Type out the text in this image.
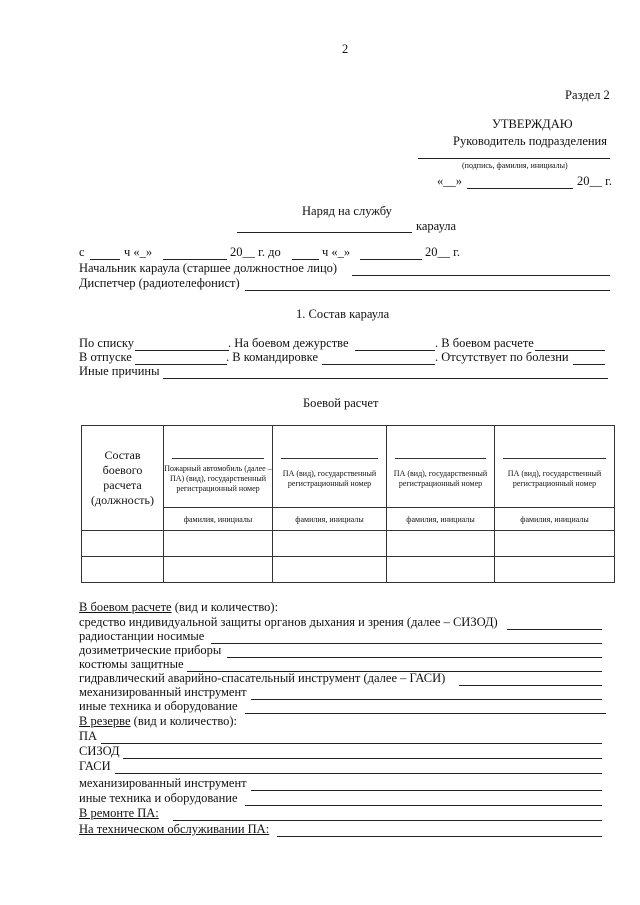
2
Раздел 2
УТВЕРЖДАЮ
Руководитель подразделения
(подпись, фамилия, инициалы)
«__»	20__ г.
Наряд на службу
караула
с	ч «_»	20__ г. до	ч «_»	20__ г.
Начальник караула (старшее должностное лицо)
Диспетчер (радиотелефонист)
1. Состав караула
По списку	. На боевом дежурстве	. В боевом расчете
В отпуске	. В командировке	. Отсутствует по болезни
Иные причины
Боевой расчет
Состав боевого расчета (должность)	Пожарный автомобиль (далее – ПА) (вид), государственный регистрационный номер	ПА (вид), государственный регистрационный номер	ПА (вид), государственный регистрационный номер	ПА (вид), государственный регистрационный номер

	фамилия, инициалы	фамилия, инициалы	фамилия, инициалы	фамилия, инициалы

В боевом расчете (вид и количество):
средство индивидуальной защиты органов дыхания и зрения (далее – СИЗОД)
радиостанции носимые
дозиметрические приборы
костюмы защитные
гидравлический аварийно-спасательный инструмент (далее – ГАСИ)
механизированный инструмент
иные техника и оборудование
В резерве (вид и количество):
ПА
СИЗОД
ГАСИ
механизированный инструмент
иные техника и оборудование
В ремонте ПА:
На техническом обслуживании ПА:
